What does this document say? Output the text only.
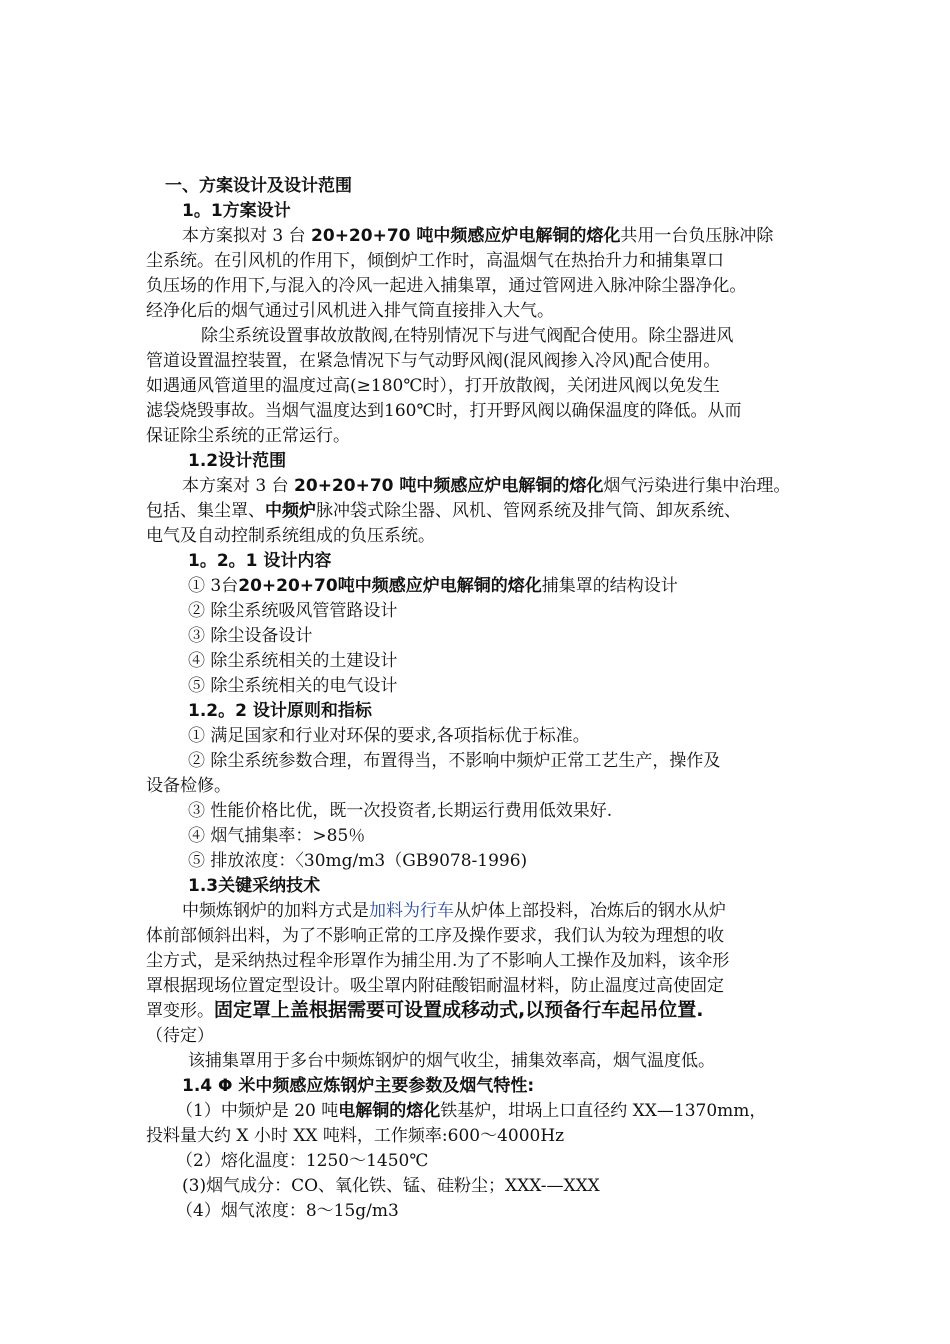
一、方案设计及设计范围
1。1方案设计
本方案拟对 3 台 20+20+70 吨中频感应炉电解铜的熔化共用一台负压脉冲除
尘系统。在引风机的作用下，倾倒炉工作时，高温烟气在热抬升力和捕集罩口
负压场的作用下,与混入的冷风一起进入捕集罩，通过管网进入脉冲除尘器净化。
经净化后的烟气通过引风机进入排气筒直接排入大气。
除尘系统设置事故放散阀,在特别情况下与进气阀配合使用。除尘器进风
管道设置温控装置，在紧急情况下与气动野风阀(混风阀掺入冷风)配合使用。
如遇通风管道里的温度过高(≥180℃时），打开放散阀，关闭进风阀以免发生
滤袋烧毁事故。当烟气温度达到160℃时，打开野风阀以确保温度的降低。从而
保证除尘系统的正常运行。
1.2设计范围
本方案对 3 台 20+20+70 吨中频感应炉电解铜的熔化烟气污染进行集中治理。
包括、集尘罩、中频炉脉冲袋式除尘器、风机、管网系统及排气筒、卸灰系统、
电气及自动控制系统组成的负压系统。
1。2。1 设计内容
① 3台20+20+70吨中频感应炉电解铜的熔化捕集罩的结构设计
② 除尘系统吸风管管路设计
③ 除尘设备设计
④ 除尘系统相关的土建设计
⑤ 除尘系统相关的电气设计
1.2。2 设计原则和指标
① 满足国家和行业对环保的要求,各项指标优于标准。
② 除尘系统参数合理，布置得当，不影响中频炉正常工艺生产，操作及
设备检修。
③ 性能价格比优，既一次投资者,长期运行费用低效果好.
④ 烟气捕集率：>85％
⑤ 排放浓度：〈30mg/m3（GB9078-1996)
1.3关键采纳技术
中频炼钢炉的加料方式是加料为行车从炉体上部投料，冶炼后的钢水从炉
体前部倾斜出料，为了不影响正常的工序及操作要求，我们认为较为理想的收
尘方式，是采纳热过程伞形罩作为捕尘用.为了不影响人工操作及加料，该伞形
罩根据现场位置定型设计。吸尘罩内附硅酸铝耐温材料，防止温度过高使固定
罩变形。固定罩上盖根据需要可设置成移动式,以预备行车起吊位置.
（待定）
该捕集罩用于多台中频炼钢炉的烟气收尘，捕集效率高，烟气温度低。
1.4 Φ 米中频感应炼钢炉主要参数及烟气特性:
（1）中频炉是 20 吨电解铜的熔化铁基炉，坩埚上口直径约 XX—1370mm，
投料量大约 X 小时 XX 吨料，工作频率:600～4000Hz
（2）熔化温度：1250～1450℃
(3)烟气成分：CO、氧化铁、锰、硅粉尘；XXX-—XXX
（4）烟气浓度：8～15g/m3
